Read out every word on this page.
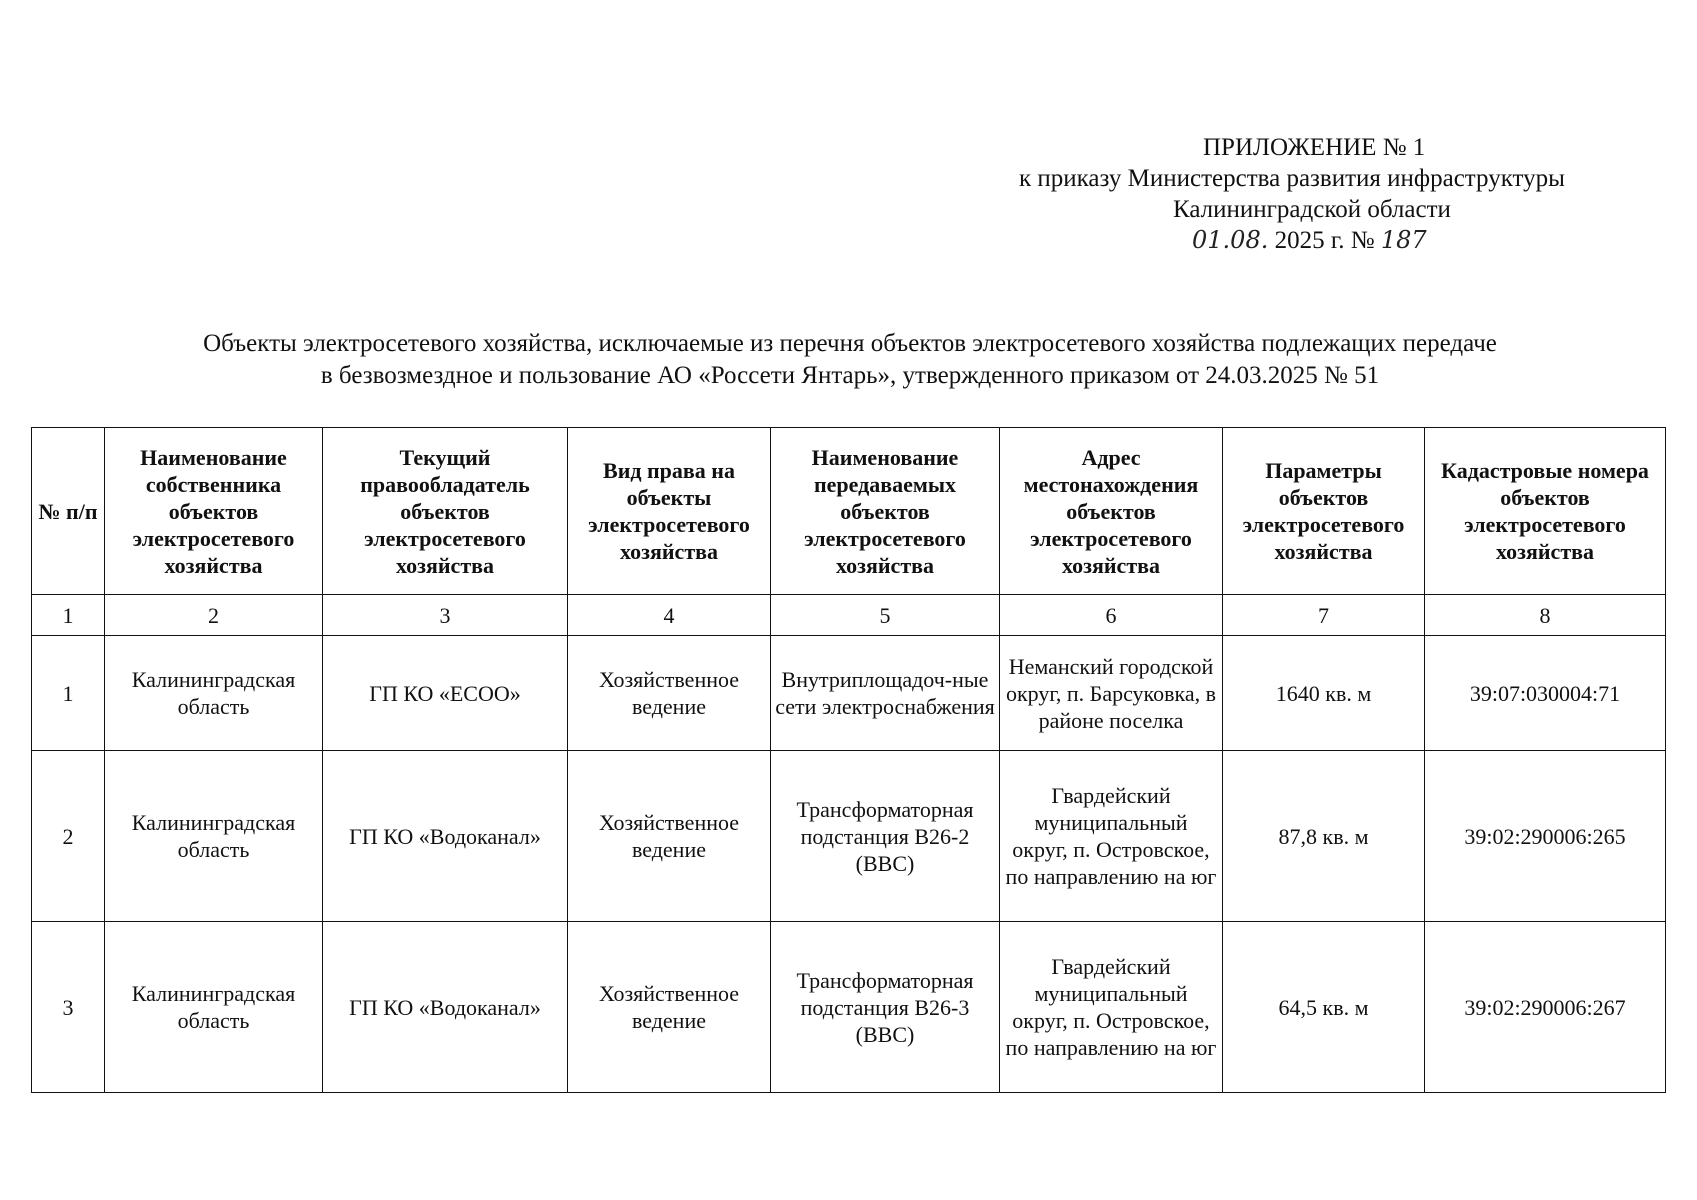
ПРИЛОЖЕНИЕ № 1
к приказу Министерства развития инфраструктуры
Калининградской области
01.08. 2025 г. № 187
Объекты электросетевого хозяйства, исключаемые из перечня объектов электросетевого хозяйства подлежащих передаче
в безвозмездное и пользование АО «Россети Янтарь», утвержденного приказом от 24.03.2025 № 51
№ п/п	Наименование собственника объектов электросетевого хозяйства	Текущий правообладатель объектов электросетевого хозяйства	Вид права на объекты электросетевого хозяйства	Наименование передаваемых объектов электросетевого хозяйства	Адрес местонахождения объектов электросетевого хозяйства	Параметры объектов электросетевого хозяйства	Кадастровые номера объектов электросетевого хозяйства
1	2	3	4	5	6	7	8
1	Калининградская область	ГП КО «ЕСОО»	Хозяйственное ведение	Внутриплощадоч-ные сети электроснабжения	Неманский городской округ, п. Барсуковка, в районе поселка	1640 кв. м	39:07:030004:71
2	Калининградская область	ГП КО «Водоканал»	Хозяйственное ведение	Трансформаторная подстанция В26-2 (ВВС)	Гвардейский муниципальный округ, п. Островское, по направлению на юг	87,8 кв. м	39:02:290006:265
3	Калининградская область	ГП КО «Водоканал»	Хозяйственное ведение	Трансформаторная подстанция В26-3 (ВВС)	Гвардейский муниципальный округ, п. Островское, по направлению на юг	64,5 кв. м	39:02:290006:267
